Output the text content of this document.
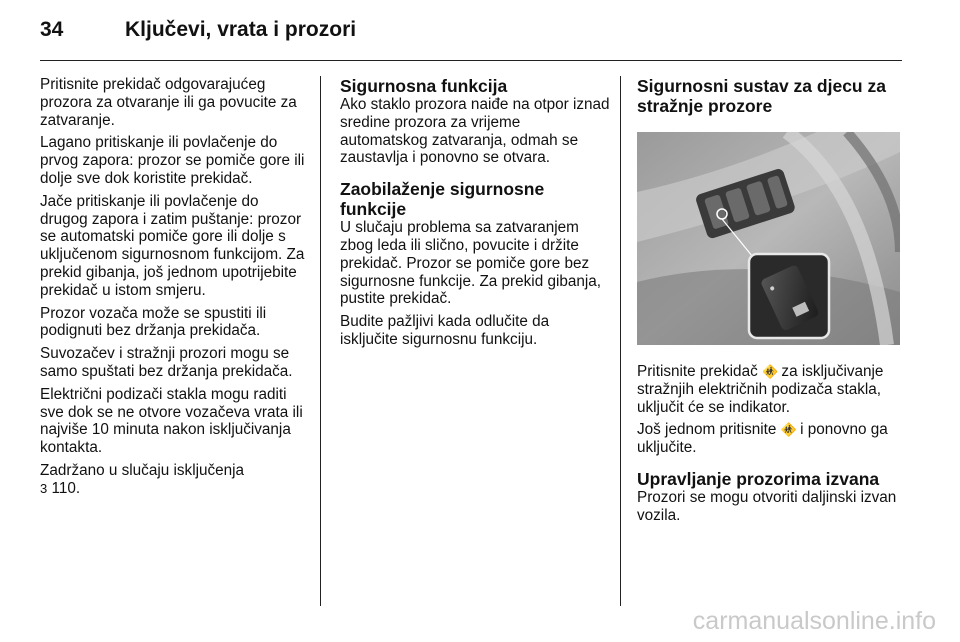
34	Ključevi, vrata i prozori

Pritisnite prekidač odgovarajućeg prozora za otvaranje ili ga povucite za zatvaranje.

Lagano pritiskanje ili povlačenje do prvog zapora: prozor se pomiče gore ili dolje sve dok koristite prekidač.

Jače pritiskanje ili povlačenje do drugog zapora i zatim puštanje: prozor se automatski pomiče gore ili dolje s uključenom sigurnosnom funkcijom. Za prekid gibanja, još jednom upotrijebite prekidač u istom smjeru.

Prozor vozača može se spustiti ili podignuti bez držanja prekidača.

Suvozačev i stražnji prozori mogu se samo spuštati bez držanja prekidača.

Električni podizači stakla mogu raditi sve dok se ne otvore vozačeva vrata ili najviše 10 minuta nakon isključivanja kontakta.

Zadržano u slučaju isključenja
3 110.

Sigurnosna funkcija

Ako staklo prozora naiđe na otpor iznad sredine prozora za vrijeme automatskog zatvaranja, odmah se zaustavlja i ponovno se otvara.

Zaobilaženje sigurnosne funkcije

U slučaju problema sa zatvaranjem zbog leda ili slično, povucite i držite prekidač. Prozor se pomiče gore bez sigurnosne funkcije. Za prekid gibanja, pustite prekidač.

Budite pažljivi kada odlučite da isključite sigurnosnu funkciju.

Sigurnosni sustav za djecu za stražnje prozore

Pritisnite prekidač 🚸 za isključivanje stražnjih električnih podizača stakla, uključit će se indikator.

Još jednom pritisnite 🚸 i ponovno ga uključite.

Upravljanje prozorima izvana

Prozori se mogu otvoriti daljinski izvan vozila.

carmanualsonline.info
